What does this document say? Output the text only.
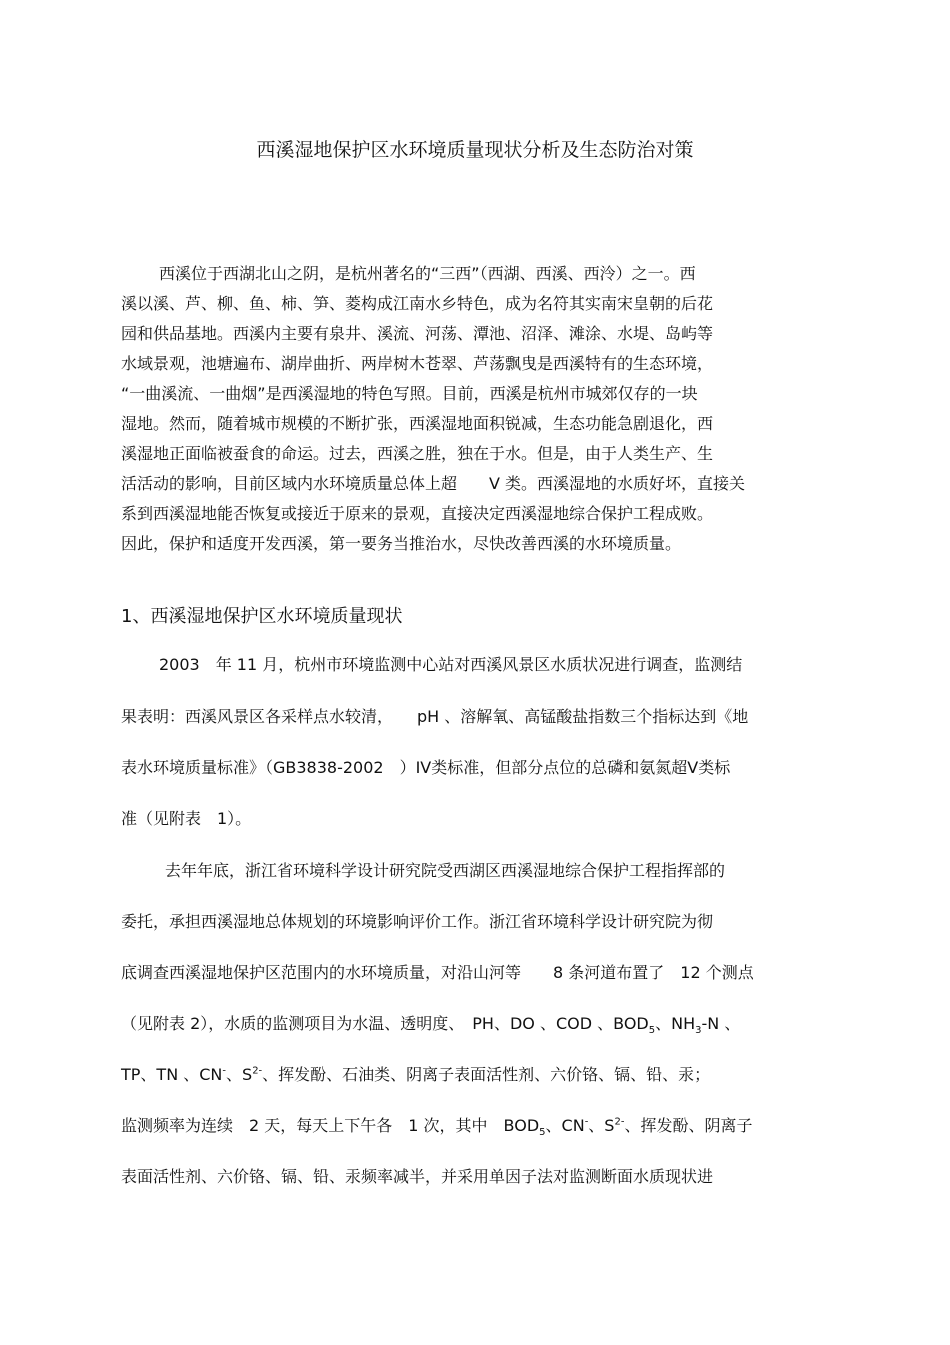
西溪湿地保护区水环境质量现状分析及生态防治对策
西溪位于西湖北山之阴，是杭州著名的“三西”（西湖、西溪、西泠）之一。西
溪以溪、芦、柳、鱼、柿、笋、菱构成江南水乡特色，成为名符其实南宋皇朝的后花
园和供品基地。西溪内主要有泉井、溪流、河荡、潭池、沼泽、滩涂、水堤、岛屿等
水域景观，池塘遍布、湖岸曲折、两岸树木苍翠、芦荡飘曳是西溪特有的生态环境，
“一曲溪流、一曲烟”是西溪湿地的特色写照。目前，西溪是杭州市城郊仅存的一块
湿地。然而，随着城市规模的不断扩张，西溪湿地面积锐减，生态功能急剧退化，西
溪湿地正面临被蚕食的命运。过去，西溪之胜，独在于水。但是，由于人类生产、生
活活动的影响，目前区域内水环境质量总体上超　　V 类。西溪湿地的水质好坏，直接关
系到西溪湿地能否恢复或接近于原来的景观，直接决定西溪湿地综合保护工程成败。
因此，保护和适度开发西溪，第一要务当推治水，尽快改善西溪的水环境质量。
1、西溪湿地保护区水环境质量现状
2003　年 11 月，杭州市环境监测中心站对西溪风景区水质状况进行调查，监测结
果表明：西溪风景区各采样点水较清，　　pH 、溶解氧、高锰酸盐指数三个指标达到《地
表水环境质量标准》（GB3838-2002　）IV类标准，但部分点位的总磷和氨氮超Ⅴ类标
准（见附表　1）。
去年年底，浙江省环境科学设计研究院受西湖区西溪湿地综合保护工程指挥部的
委托，承担西溪湿地总体规划的环境影响评价工作。浙江省环境科学设计研究院为彻
底调查西溪湿地保护区范围内的水环境质量，对沿山河等　　8 条河道布置了　12 个测点
（见附表 2），水质的监测项目为水温、透明度、　PH、DO 、COD 、$BOD_5$、$NH_3-N$ 、
TP、TN 、CN-、$S^{2-}$、挥发酚、石油类、阴离子表面活性剂、六价铬、镉、铅、汞；
监测频率为连续　2 天，每天上下午各　1 次，其中　$BOD_5$、CN-、$S^{2-}$、挥发酚、阴离子
表面活性剂、六价铬、镉、铅、汞频率减半，并采用单因子法对监测断面水质现状进
